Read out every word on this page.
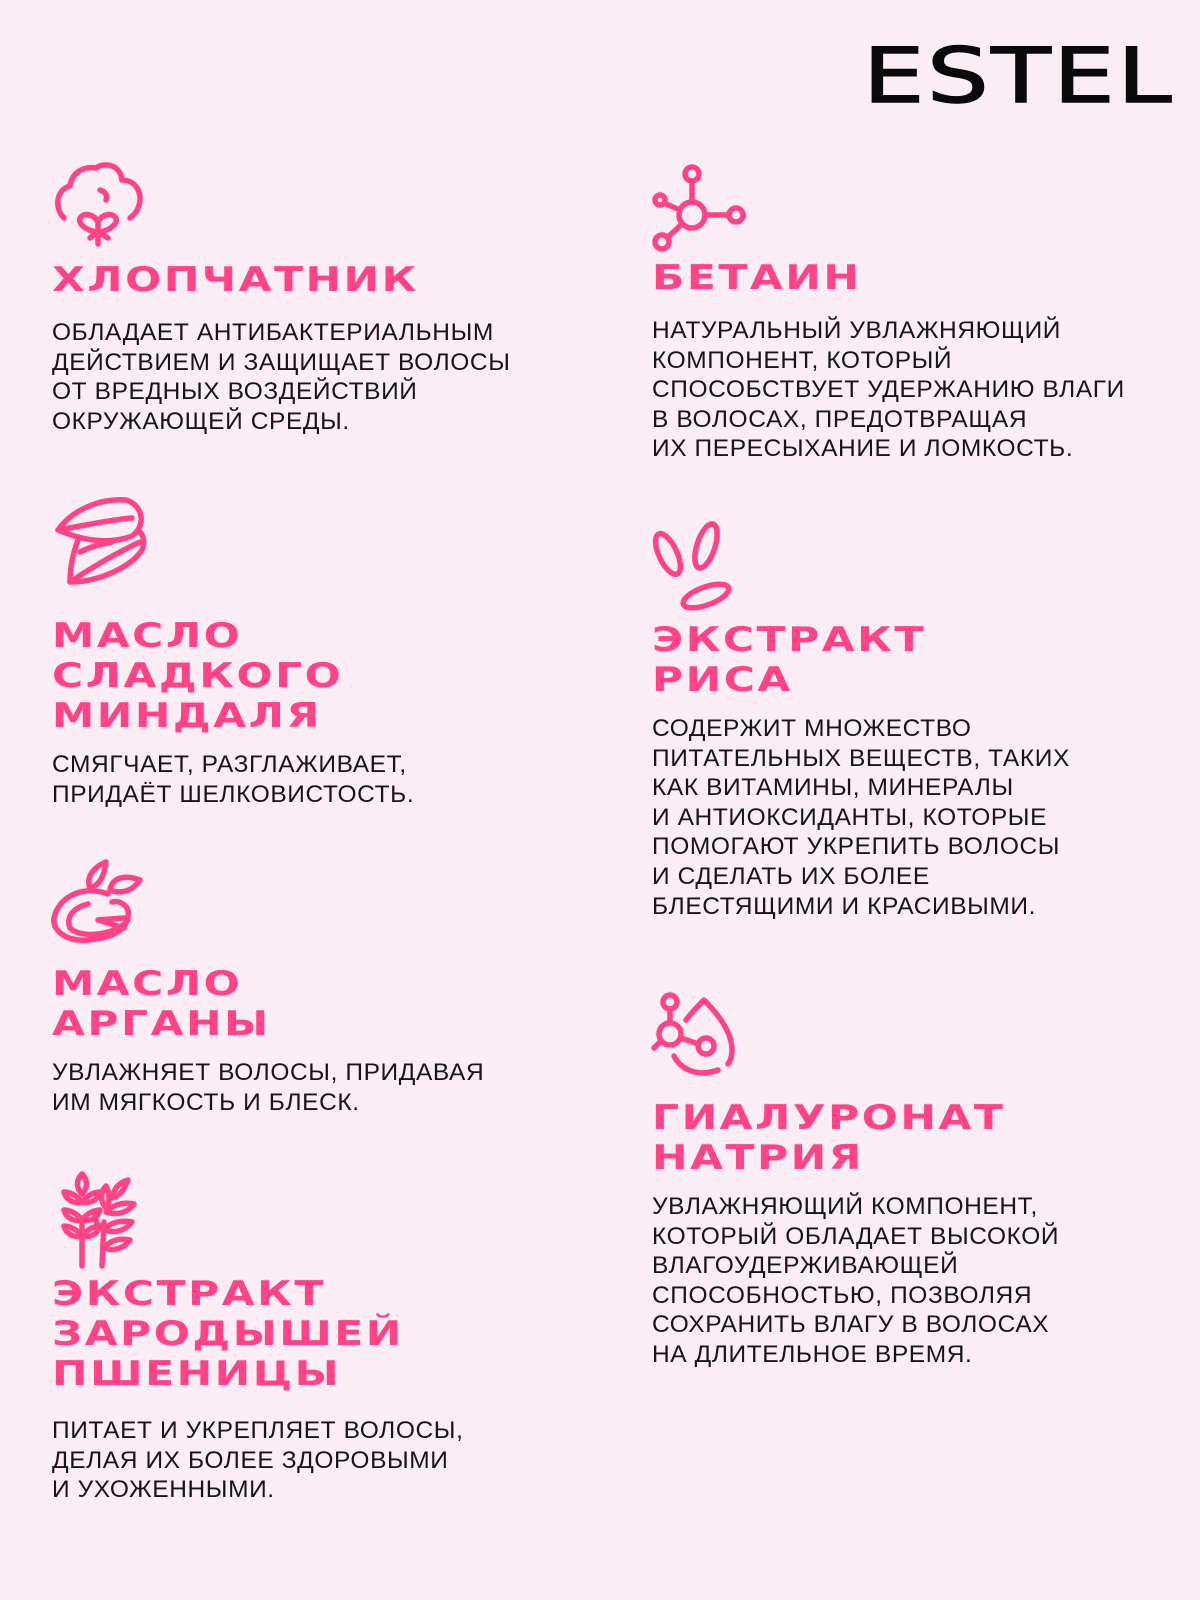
ESTEL
ХЛОПЧАТНИК
ОБЛАДАЕТ АНТИБАКТЕРИАЛЬНЫМ
ДЕЙСТВИЕМ И ЗАЩИЩАЕТ ВОЛОСЫ
ОТ ВРЕДНЫХ ВОЗДЕЙСТВИЙ
ОКРУЖАЮЩЕЙ СРЕДЫ.
БЕТАИН
НАТУРАЛЬНЫЙ УВЛАЖНЯЮЩИЙ
КОМПОНЕНТ, КОТОРЫЙ
СПОСОБСТВУЕТ УДЕРЖАНИЮ ВЛАГИ
В ВОЛОСАХ, ПРЕДОТВРАЩАЯ
ИХ ПЕРЕСЫХАНИЕ И ЛОМКОСТЬ.
МАСЛО
СЛАДКОГО
МИНДАЛЯ
СМЯГЧАЕТ, РАЗГЛАЖИВАЕТ,
ПРИДАЁТ ШЕЛКОВИСТОСТЬ.
ЭКСТРАКТ
РИСА
СОДЕРЖИТ МНОЖЕСТВО
ПИТАТЕЛЬНЫХ ВЕЩЕСТВ, ТАКИХ
КАК ВИТАМИНЫ, МИНЕРАЛЫ
И АНТИОКСИДАНТЫ, КОТОРЫЕ
ПОМОГАЮТ УКРЕПИТЬ ВОЛОСЫ
И СДЕЛАТЬ ИХ БОЛЕЕ
БЛЕСТЯЩИМИ И КРАСИВЫМИ.
МАСЛО
АРГАНЫ
УВЛАЖНЯЕТ ВОЛОСЫ, ПРИДАВАЯ
ИМ МЯГКОСТЬ И БЛЕСК.	ГИАЛУРОНАТ
НАТРИЯ
УВЛАЖНЯЮЩИЙ КОМПОНЕНТ,
КОТОРЫЙ ОБЛАДАЕТ ВЫСОКОЙ
ВЛАГОУДЕРЖИВАЮЩЕЙ
СПОСОБНОСТЬЮ, ПОЗВОЛЯЯ
СОХРАНИТЬ ВЛАГУ В ВОЛОСАХ
НА ДЛИТЕЛЬНОЕ ВРЕМЯ.
ЭКСТРАКТ
ЗАРОДЫШЕЙ
ПШЕНИЦЫ
ПИТАЕТ И УКРЕПЛЯЕТ ВОЛОСЫ,
ДЕЛАЯ ИХ БОЛЕЕ ЗДОРОВЫМИ
И УХОЖЕННЫМИ.
